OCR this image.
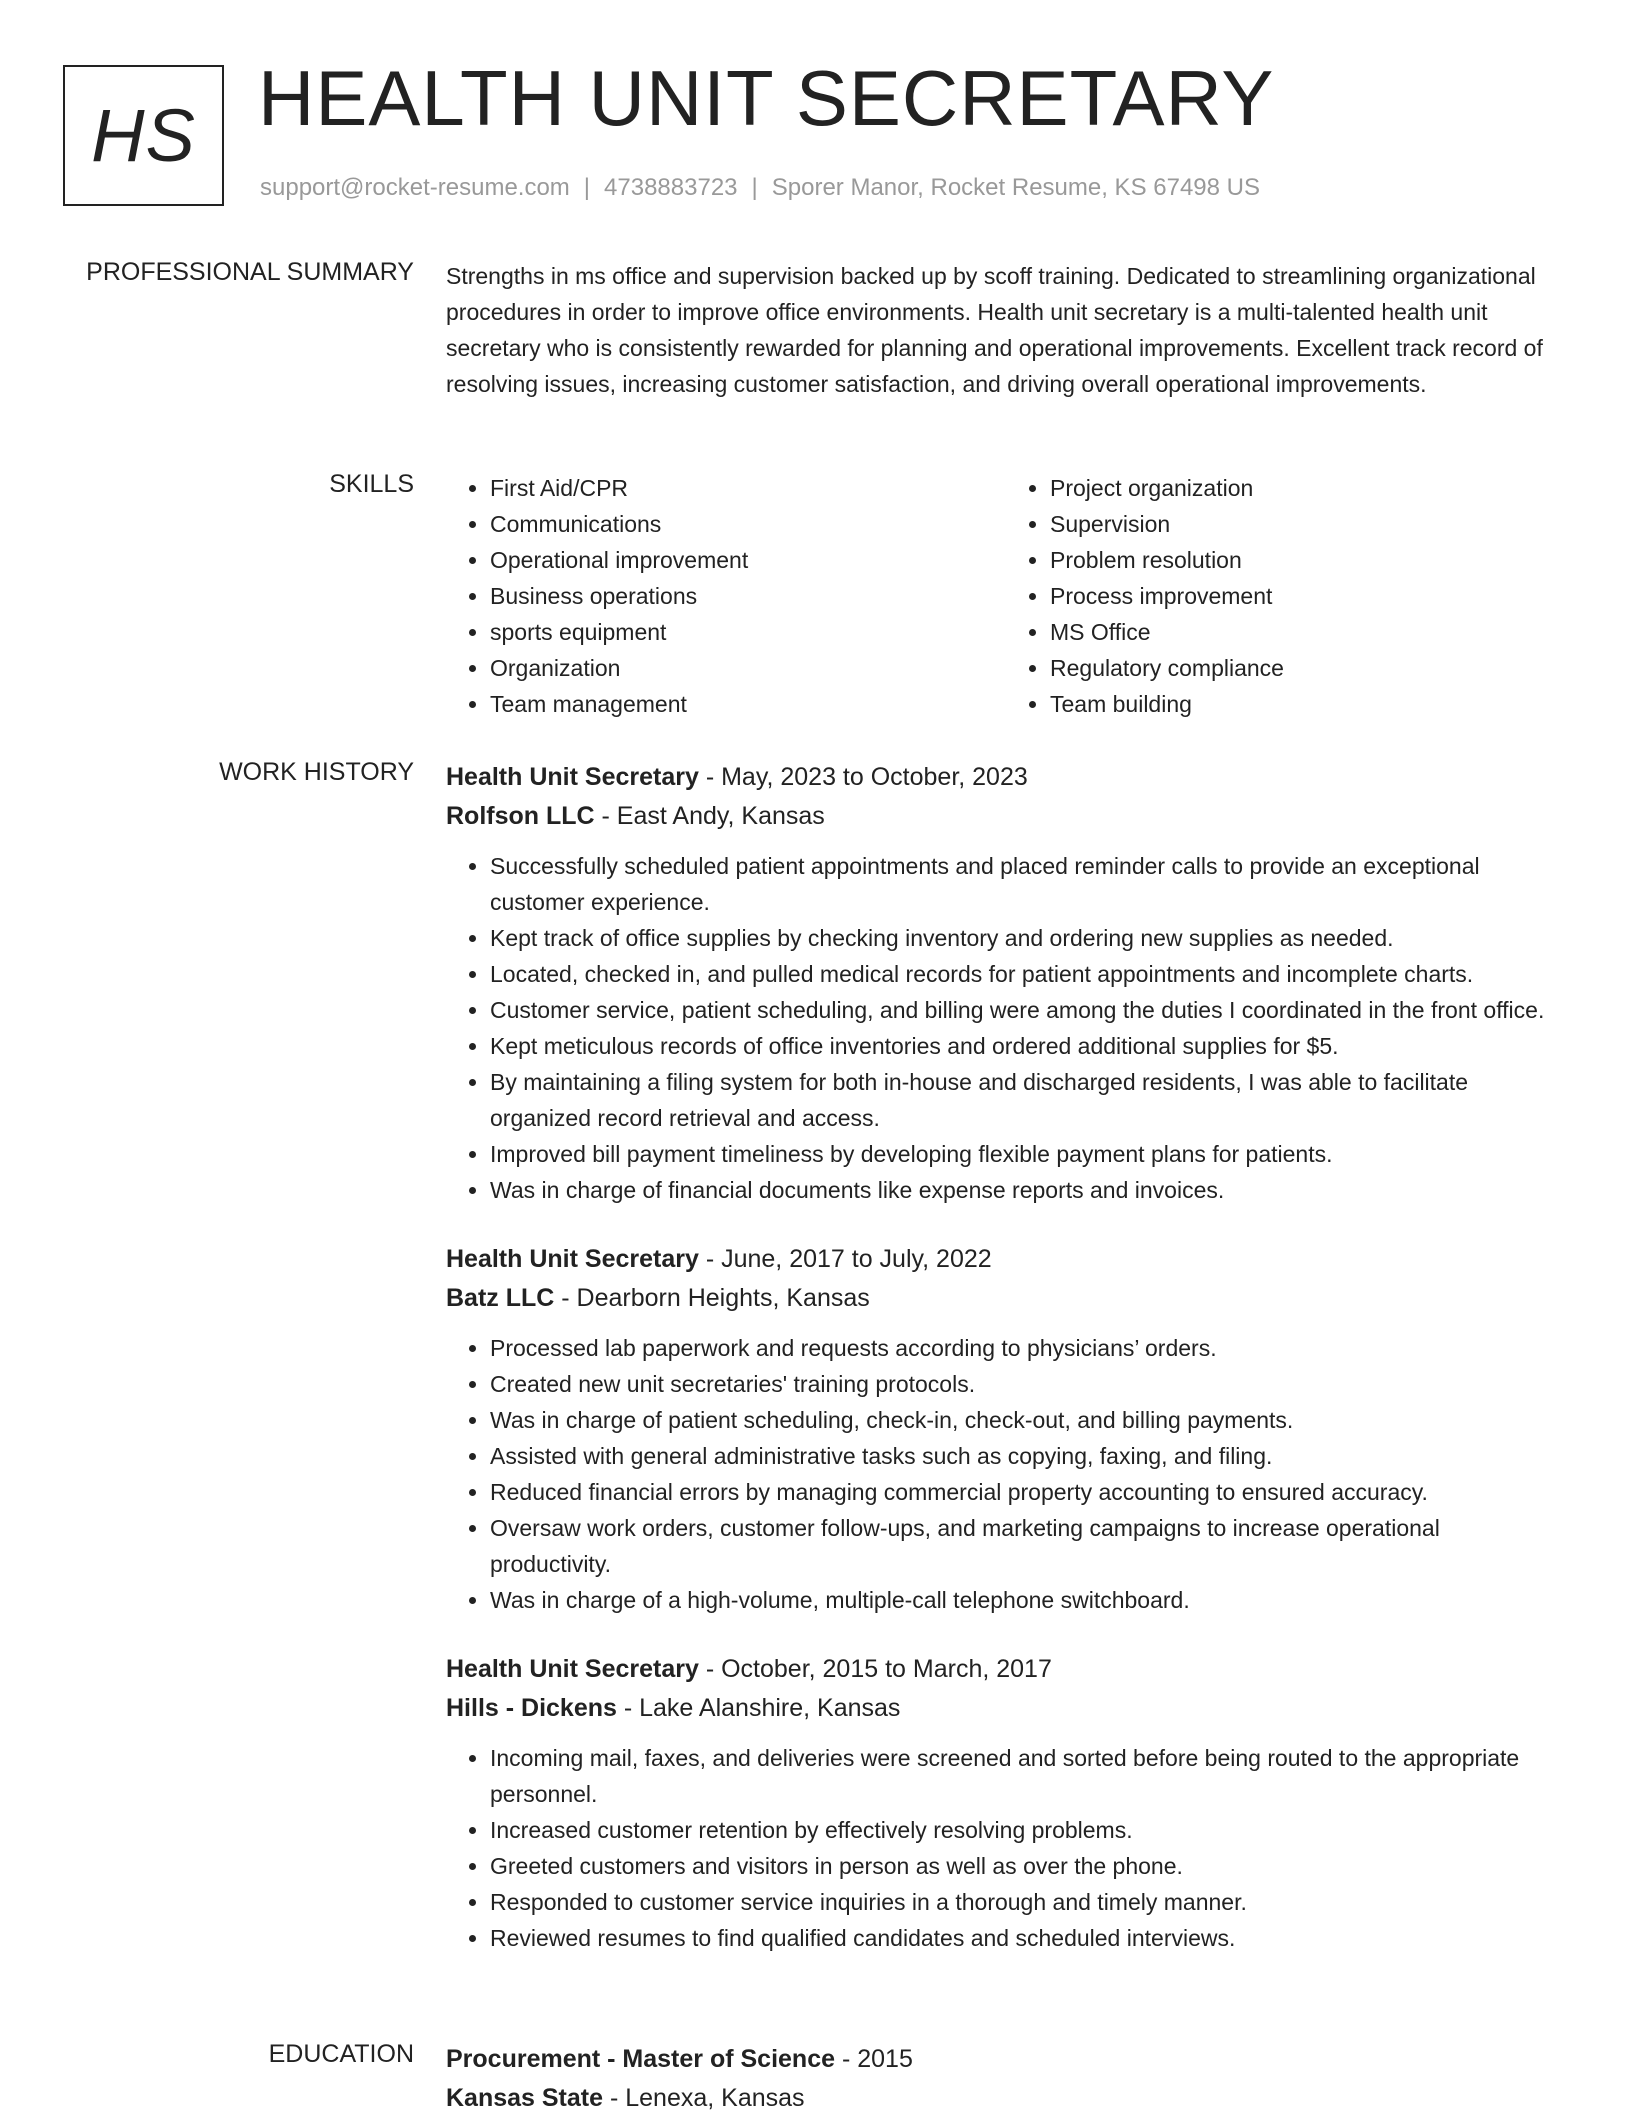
HS HEALTH UNIT SECRETARY
support@rocket-resume.com | 4738883723 | Sporer Manor, Rocket Resume, KS 67498 US
PROFESSIONAL SUMMARY Strengths in ms office and supervision backed up by scoff training. Dedicated to streamlining organizational procedures in order to improve office environments. Health unit secretary is a multi-talented health unit secretary who is consistently rewarded for planning and operational improvements. Excellent track record of resolving issues, increasing customer satisfaction, and driving overall operational improvements.

SKILLS
•	First Aid/CPR
• Communications
• Operational improvement
• Business operations
• sports equipment
• Organization
• Team management
• Project organization
• Supervision
• Problem resolution
• Process improvement
• MS Office
• Regulatory compliance
• Team building
WORK HISTORY Health Unit Secretary - May, 2023 to October, 2023
Rolfson LLC - East Andy, Kansas
• Successfully scheduled patient appointments and placed reminder calls to provide an exceptional customer experience.
• Kept track of office supplies by checking inventory and ordering new supplies as needed.
• Located, checked in, and pulled medical records for patient appointments and incomplete charts.
• Customer service, patient scheduling, and billing were among the duties I coordinated in the front office.
• Kept meticulous records of office inventories and ordered additional supplies for $5.
• By maintaining a filing system for both in-house and discharged residents, I was able to facilitate organized record retrieval and access.
• Improved bill payment timeliness by developing flexible payment plans for patients.
• Was in charge of financial documents like expense reports and invoices.
Health Unit Secretary - June, 2017 to July, 2022
Batz LLC - Dearborn Heights, Kansas
• Processed lab paperwork and requests according to physicians’ orders.
• Created new unit secretaries' training protocols.
• Was in charge of patient scheduling, check-in, check-out, and billing payments.
• Assisted with general administrative tasks such as copying, faxing, and filing.
• Reduced financial errors by managing commercial property accounting to ensured accuracy.
• Oversaw work orders, customer follow-ups, and marketing campaigns to increase operational productivity.
• Was in charge of a high-volume, multiple-call telephone switchboard.
Health Unit Secretary - October, 2015 to March, 2017
Hills - Dickens - Lake Alanshire, Kansas
• Incoming mail, faxes, and deliveries were screened and sorted before being routed to the appropriate personnel.
• Increased customer retention by effectively resolving problems.
• Greeted customers and visitors in person as well as over the phone.
• Responded to customer service inquiries in a thorough and timely manner.
• Reviewed resumes to find qualified candidates and scheduled interviews.
EDUCATION Procurement - Master of Science - 2015
Kansas State - Lenexa, Kansas
